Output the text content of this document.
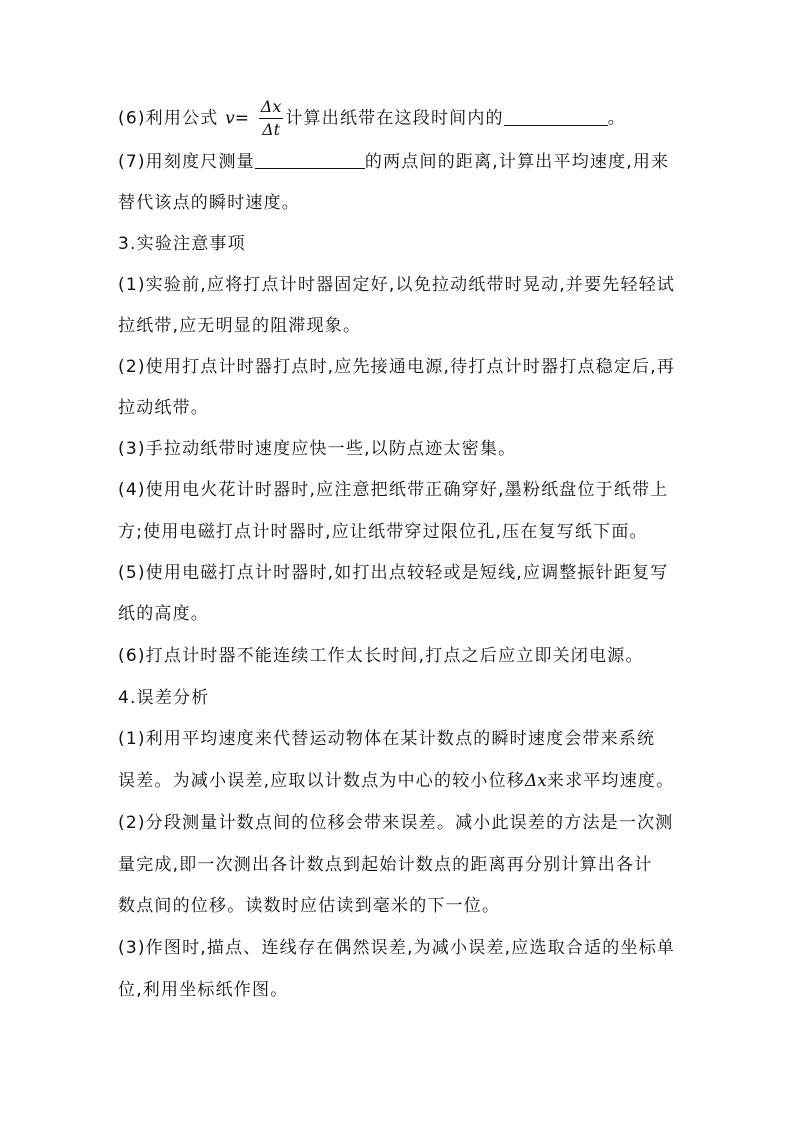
(6)利用公式 $v= \frac{\Delta x}{\Delta t}$ 计算出纸带在这段时间内的	。
(7)用刻度尺测量	的两点间的距离,计算出平均速度,用来
替代该点的瞬时速度。
3.实验注意事项
(1)实验前,应将打点计时器固定好,以免拉动纸带时晃动,并要先轻轻试
拉纸带,应无明显的阻滞现象。
(2)使用打点计时器打点时,应先接通电源,待打点计时器打点稳定后,再
拉动纸带。
(3)手拉动纸带时速度应快一些,以防点迹太密集。
(4)使用电火花计时器时,应注意把纸带正确穿好,墨粉纸盘位于纸带上
方;使用电磁打点计时器时,应让纸带穿过限位孔,压在复写纸下面。
(5)使用电磁打点计时器时,如打出点较轻或是短线,应调整振针距复写
纸的高度。
(6)打点计时器不能连续工作太长时间,打点之后应立即关闭电源。
4.误差分析
(1)利用平均速度来代替运动物体在某计数点的瞬时速度会带来系统
误差。为减小误差,应取以计数点为中心的较小位移Δx来求平均速度。
(2)分段测量计数点间的位移会带来误差。减小此误差的方法是一次测
量完成,即一次测出各计数点到起始计数点的距离再分别计算出各计
数点间的位移。读数时应估读到毫米的下一位。
(3)作图时,描点、连线存在偶然误差,为减小误差,应选取合适的坐标单
位,利用坐标纸作图。
